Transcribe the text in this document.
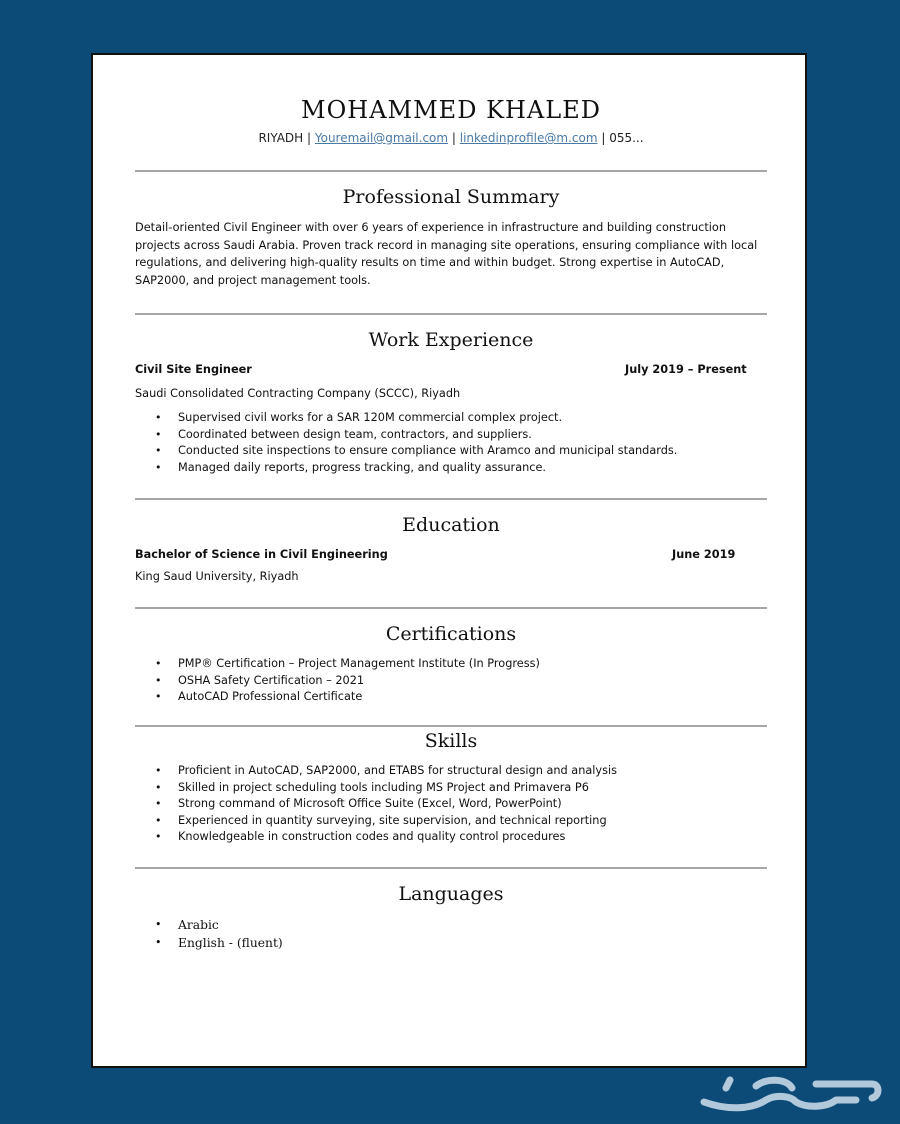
MOHAMMED KHALED
RIYADH | Youremail@gmail.com | linkedinprofile@m.com | 055...
Professional Summary
Detail-oriented Civil Engineer with over 6 years of experience in infrastructure and building construction projects across Saudi Arabia. Proven track record in managing site operations, ensuring compliance with local regulations, and delivering high-quality results on time and within budget. Strong expertise in AutoCAD, SAP2000, and project management tools.
Work Experience
Civil Site Engineer	July 2019 – Present
Saudi Consolidated Contracting Company (SCCC), Riyadh
• Supervised civil works for a SAR 120M commercial complex project.
• Coordinated between design team, contractors, and suppliers.
• Conducted site inspections to ensure compliance with Aramco and municipal standards.
• Managed daily reports, progress tracking, and quality assurance.
Education
Bachelor of Science in Civil Engineering	June 2019
King Saud University, Riyadh
Certifications
• PMP® Certification – Project Management Institute (In Progress)
• OSHA Safety Certification – 2021
• AutoCAD Professional Certificate
Skills
• Proficient in AutoCAD, SAP2000, and ETABS for structural design and analysis
• Skilled in project scheduling tools including MS Project and Primavera P6
• Strong command of Microsoft Office Suite (Excel, Word, PowerPoint)
• Experienced in quantity surveying, site supervision, and technical reporting
• Knowledgeable in construction codes and quality control procedures
Languages
• Arabic
• English - (fluent)
